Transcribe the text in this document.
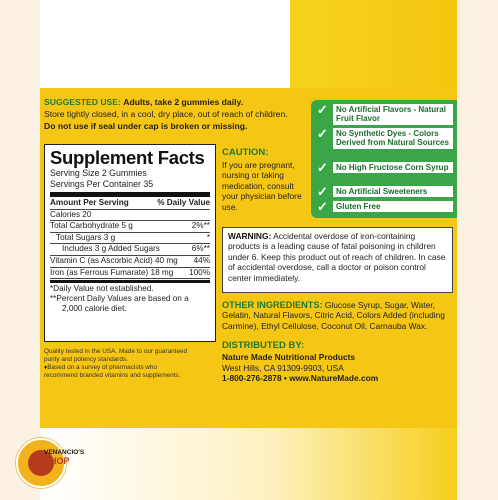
SUGGESTED USE: Adults, take 2 gummies daily.
Store tightly closed, in a cool, dry place, out of reach of children.
Do not use if seal under cap is broken or missing.
Supplement Facts
Serving Size 2 Gummies
Servings Per Container 35
Amount Per Serving	% Daily Value
Calories 20
Total Carbohydrate 5 g	2%**
Total Sugars 3 g	*
Includes 3 g Added Sugars	6%**
Vitamin C (as Ascorbic Acid) 40 mg 44%
Iron (as Ferrous Fumarate) 18 mg 100%
*Daily Value not established.
**Percent Daily Values are based on a
2,000 calorie diet.
Quality tested in the USA. Made to our guaranteed
purity and potency standards.
♦Based on a survey of pharmacists who
recommend branded vitamins and supplements.
CAUTION:
If you are pregnant, nursing or taking medication, consult your physician before use.
✓	No Artificial Flavors - Natural Fruit Flavor
✓	No Synthetic Dyes - Colors Derived from Natural Sources
✓	No High Fructose Corn Syrup
✓	No Artificial Sweeteners
✓	Gluten Free
WARNING: Accidental overdose of iron-containing products is a leading cause of fatal poisoning in children under 6. Keep this product out of reach of children. In case of accidental overdose, call a doctor or poison control center immediately.
OTHER INGREDIENTS: Glucose Syrup, Sugar, Water, Gelatin, Natural Flavors, Citric Acid, Colors Added (including Carmine), Ethyl Cellulose, Coconut Oil, Carnauba Wax.
DISTRIBUTED BY:
Nature Made Nutritional Products
West Hills, CA 91309-9903, USA
1-800-276-2878 • www.NatureMade.com
VENANCIO'S
SHOP
